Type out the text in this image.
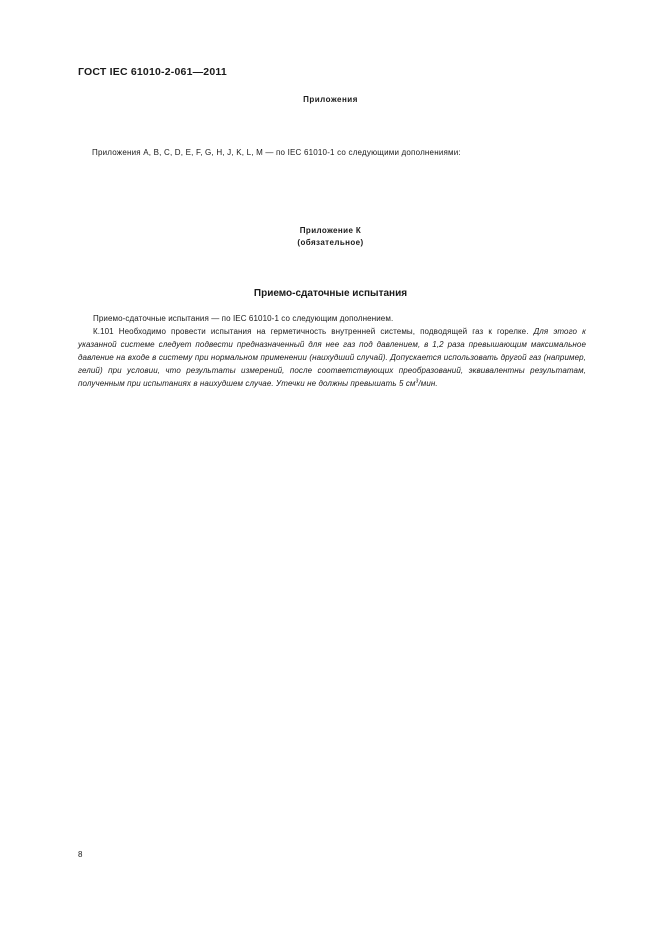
ГОСТ IEC 61010-2-061—2011
Приложения
Приложения A, B, C, D, E, F, G, H, J, K, L, M — по IEC 61010-1 со следующими дополнениями:
Приложение К
(обязательное)
Приемо-сдаточные испытания

Приемо-сдаточные испытания — по IEC 61010-1 со следующим дополнением.

К.101 Необходимо провести испытания на герметичность внутренней системы, подводящей газ к горелке. Для этого к указанной системе следует подвести предназначенный для нее газ под давлением, в 1,2 раза превышающим максимальное давление на входе в систему при нормальном применении (наихудший случай). Допускается использовать другой газ (например, гелий) при условии, что результаты измерений, после соответствующих преобразований, эквивалентны результатам, полученным при испытаниях в наихудшем случае. Утечки не должны превышать 5 $см^3$/мин.

8
